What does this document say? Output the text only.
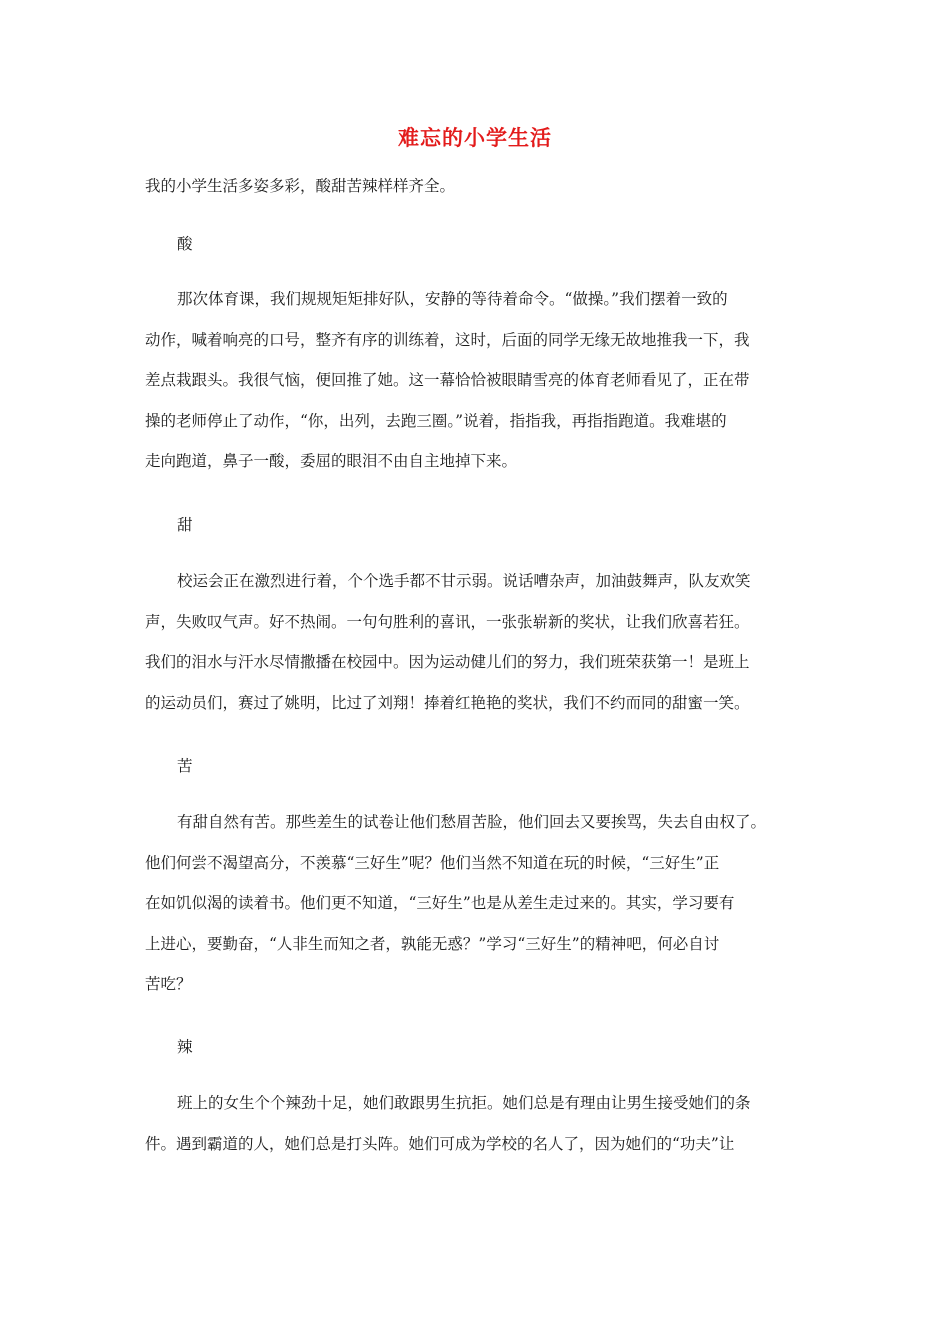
难忘的小学生活
我的小学生活多姿多彩，酸甜苦辣样样齐全。
酸
那次体育课，我们规规矩矩排好队，安静的等待着命令。“做操。”我们摆着一致的
动作，喊着响亮的口号，整齐有序的训练着，这时，后面的同学无缘无故地推我一下，我
差点栽跟头。我很气恼，便回推了她。这一幕恰恰被眼睛雪亮的体育老师看见了，正在带
操的老师停止了动作，“你，出列，去跑三圈。”说着，指指我，再指指跑道。我难堪的
走向跑道，鼻子一酸，委屈的眼泪不由自主地掉下来。
甜
校运会正在激烈进行着，个个选手都不甘示弱。说话嘈杂声，加油鼓舞声，队友欢笑
声，失败叹气声。好不热闹。一句句胜利的喜讯，一张张崭新的奖状，让我们欣喜若狂。
我们的泪水与汗水尽情撒播在校园中。因为运动健儿们的努力，我们班荣获第一！是班上
的运动员们，赛过了姚明，比过了刘翔！捧着红艳艳的奖状，我们不约而同的甜蜜一笑。
苦
有甜自然有苦。那些差生的试卷让他们愁眉苦脸，他们回去又要挨骂，失去自由权了。
他们何尝不渴望高分，不羡慕“三好生”呢？他们当然不知道在玩的时候，“三好生”正
在如饥似渴的读着书。他们更不知道，“三好生”也是从差生走过来的。其实，学习要有
上进心，要勤奋，“人非生而知之者，孰能无惑？”学习“三好生”的精神吧，何必自讨
苦吃？
辣
班上的女生个个辣劲十足，她们敢跟男生抗拒。她们总是有理由让男生接受她们的条
件。遇到霸道的人，她们总是打头阵。她们可成为学校的名人了，因为她们的“功夫”让
